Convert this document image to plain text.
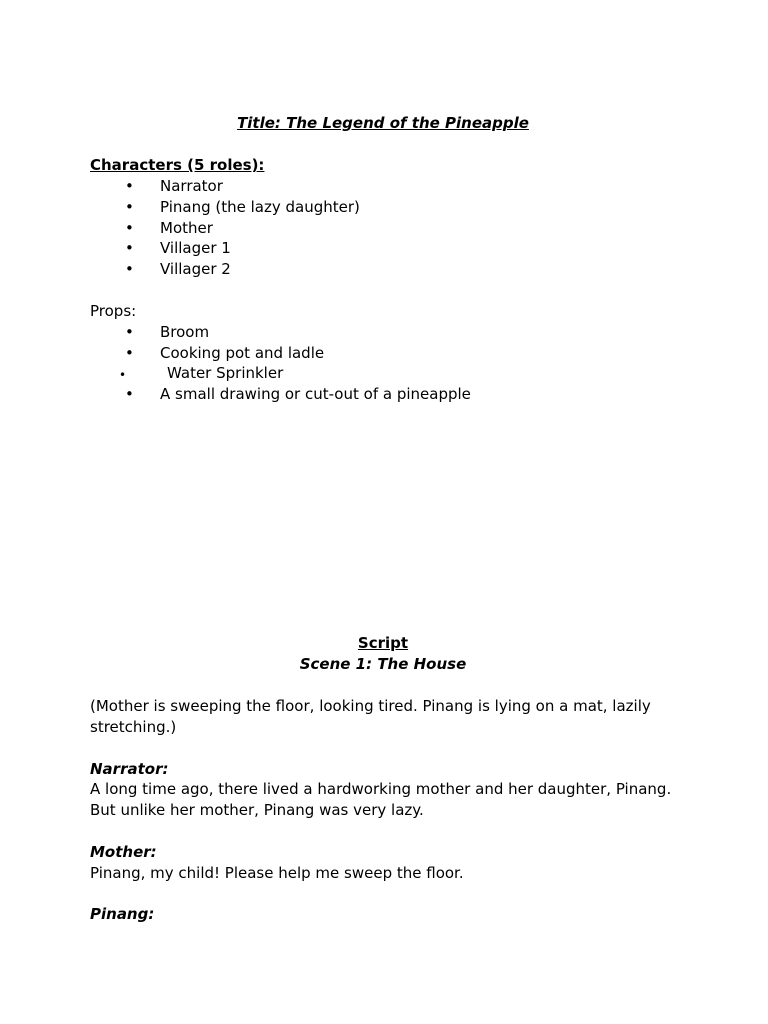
Title: The Legend of the Pineapple
Characters (5 roles):
• Narrator
• Pinang (the lazy daughter)
• Mother
• Villager 1
• Villager 2
Props:
• Broom
• Cooking pot and ladle
•	Water Sprinkler
• A small drawing or cut-out of a pineapple
Script
Scene 1: The House
(Mother is sweeping the floor, looking tired. Pinang is lying on a mat, lazily
stretching.)
Narrator:
A long time ago, there lived a hardworking mother and her daughter, Pinang.
But unlike her mother, Pinang was very lazy.
Mother:
Pinang, my child! Please help me sweep the floor.
Pinang:
